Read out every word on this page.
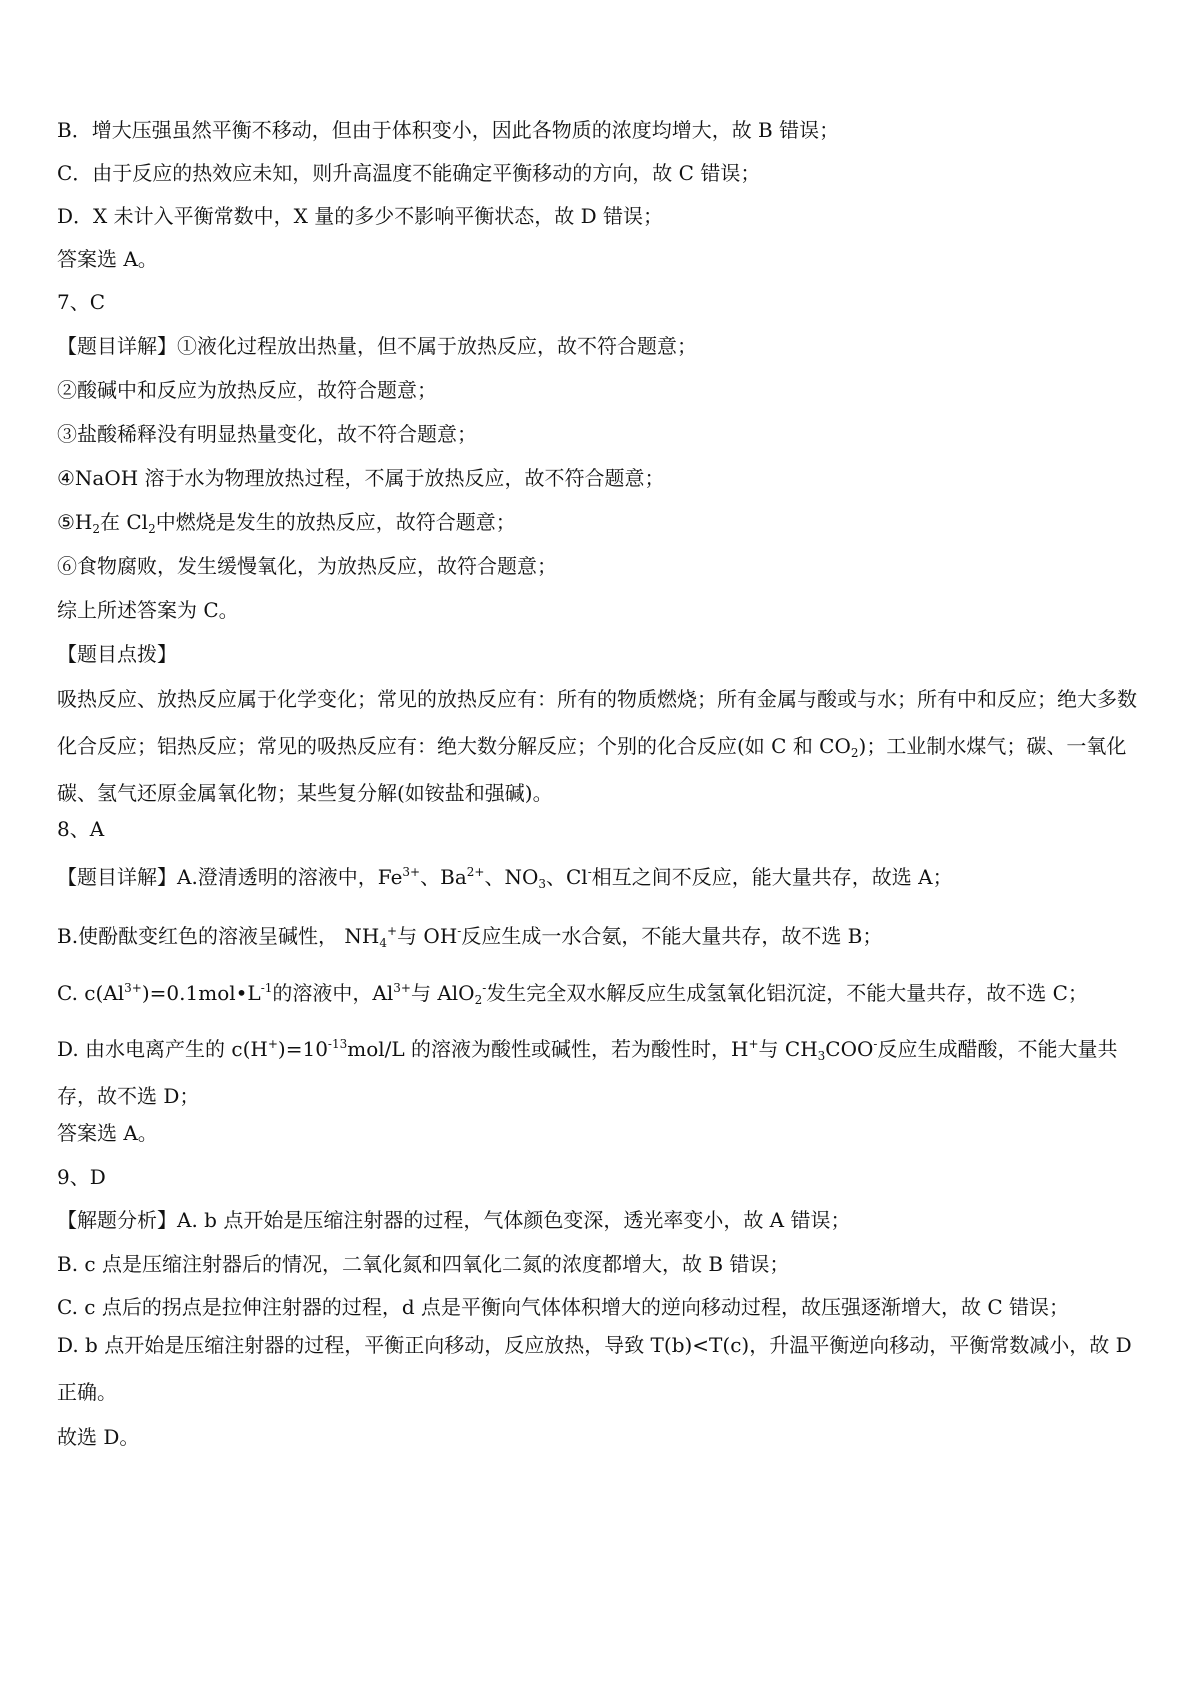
B．增大压强虽然平衡不移动，但由于体积变小，因此各物质的浓度均增大，故 B 错误；
C．由于反应的热效应未知，则升高温度不能确定平衡移动的方向，故 C 错误；
D．X 未计入平衡常数中，X 量的多少不影响平衡状态，故 D 错误；
答案选 A。
7、C
【题目详解】①液化过程放出热量，但不属于放热反应，故不符合题意；
②酸碱中和反应为放热反应，故符合题意；
③盐酸稀释没有明显热量变化，故不符合题意；
④NaOH 溶于水为物理放热过程，不属于放热反应，故不符合题意；
$⑤H_2$在 $Cl_2$中燃烧是发生的放热反应，故符合题意；
⑥食物腐败，发生缓慢氧化，为放热反应，故符合题意；
综上所述答案为 C。
【题目点拨】
吸热反应、放热反应属于化学变化；常见的放热反应有：所有的物质燃烧；所有金属与酸或与水；所有中和反应；绝大多数化合反应；铝热反应；常见的吸热反应有：绝大数分解反应；个别的化合反应(如 C 和 $CO_2$)；工业制水煤气；碳、一氧化碳、氢气还原金属氧化物；某些复分解(如铵盐和强碱)。
8、A
【题目详解】A.澄清透明的溶液中，$Fe^{3+}$、$Ba^{2+}$、$NO_3$、Cl-相互之间不反应，能大量共存，故选 A；
B.使酚酞变红色的溶液呈碱性， $NH_4^+$与 OH-反应生成一水合氨，不能大量共存，故不选 B；
C. $c(Al^{3+})=0.1mol•L^{-1}$的溶液中，$Al^{3+}$与 AlO$_2$-发生完全双水解反应生成氢氧化铝沉淀，不能大量共存，故不选 C；
D. 由水电离产生的 $c(H^+)=10^{-13}mol/L$ 的溶液为酸性或碱性，若为酸性时，H+与 $CH_3COO^-$反应生成醋酸，不能大量共存，故不选 D；
答案选 A。
9、D
【解题分析】A. b 点开始是压缩注射器的过程，气体颜色变深，透光率变小，故 A 错误；
B. c 点是压缩注射器后的情况，二氧化氮和四氧化二氮的浓度都增大，故 B 错误；
C. c 点后的拐点是拉伸注射器的过程，d 点是平衡向气体体积增大的逆向移动过程，故压强逐渐增大，故 C 错误；
D. b 点开始是压缩注射器的过程，平衡正向移动，反应放热，导致 T(b)<T(c)，升温平衡逆向移动，平衡常数减小，故 D 正确。
故选 D。
